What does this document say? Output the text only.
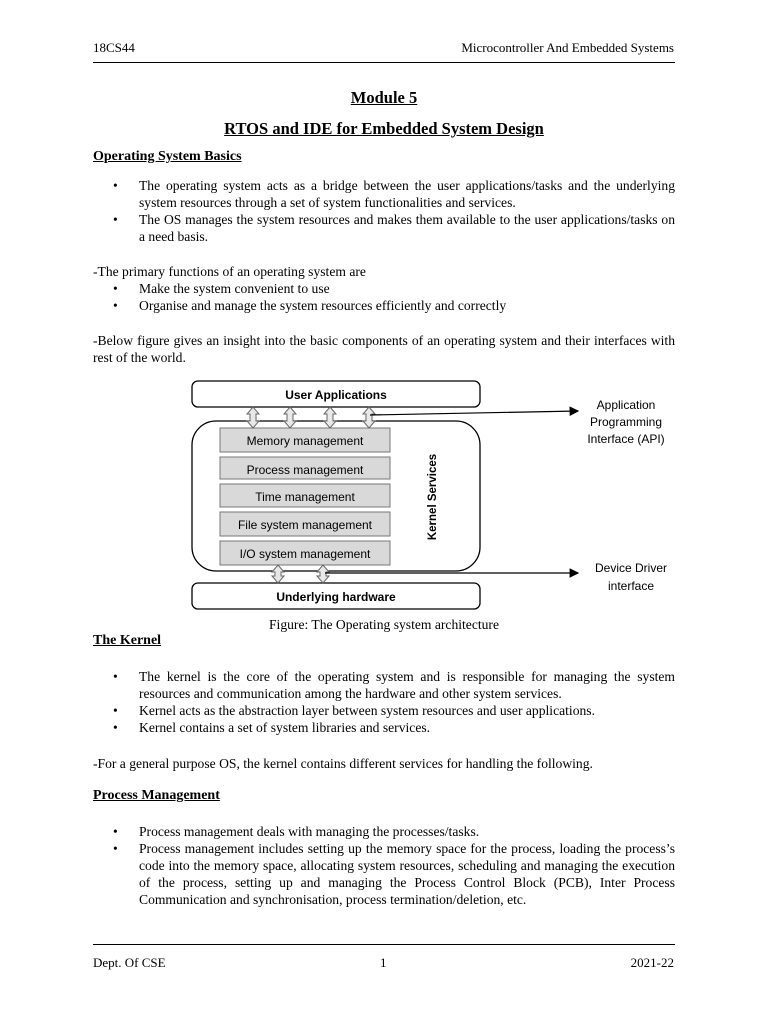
18CS44	Microcontroller And Embedded Systems
Module 5
RTOS and IDE for Embedded System Design
Operating System Basics
• The operating system acts as a bridge between the user applications/tasks and the underlying system resources through a set of system functionalities and services.
• The OS manages the system resources and makes them available to the user applications/tasks on a need basis.

-The primary functions of an operating system are

• Make the system convenient to use
• Organise and manage the system resources efficiently and correctly

-Below figure gives an insight into the basic components of an operating system and their interfaces with rest of the world.

User Applications
Memory management
Process management
Time management
File system management
I/O system management
Kernel Services
Underlying hardware
Application
Programming
Interface (API)
Device Driver
interface
Figure: The Operating system architecture
The Kernel
• The kernel is the core of the operating system and is responsible for managing the system resources and communication among the hardware and other system services.
• Kernel acts as the abstraction layer between system resources and user applications.
• Kernel contains a set of system libraries and services.

-For a general purpose OS, the kernel contains different services for handling the following.

Process Management
• Process management deals with managing the processes/tasks.
• Process management includes setting up the memory space for the process, loading the process’s code into the memory space, allocating system resources, scheduling and managing the execution of the process, setting up and managing the Process Control Block (PCB), Inter Process Communication and synchronisation, process termination/deletion, etc.
Dept. Of CSE	1	2021-22
